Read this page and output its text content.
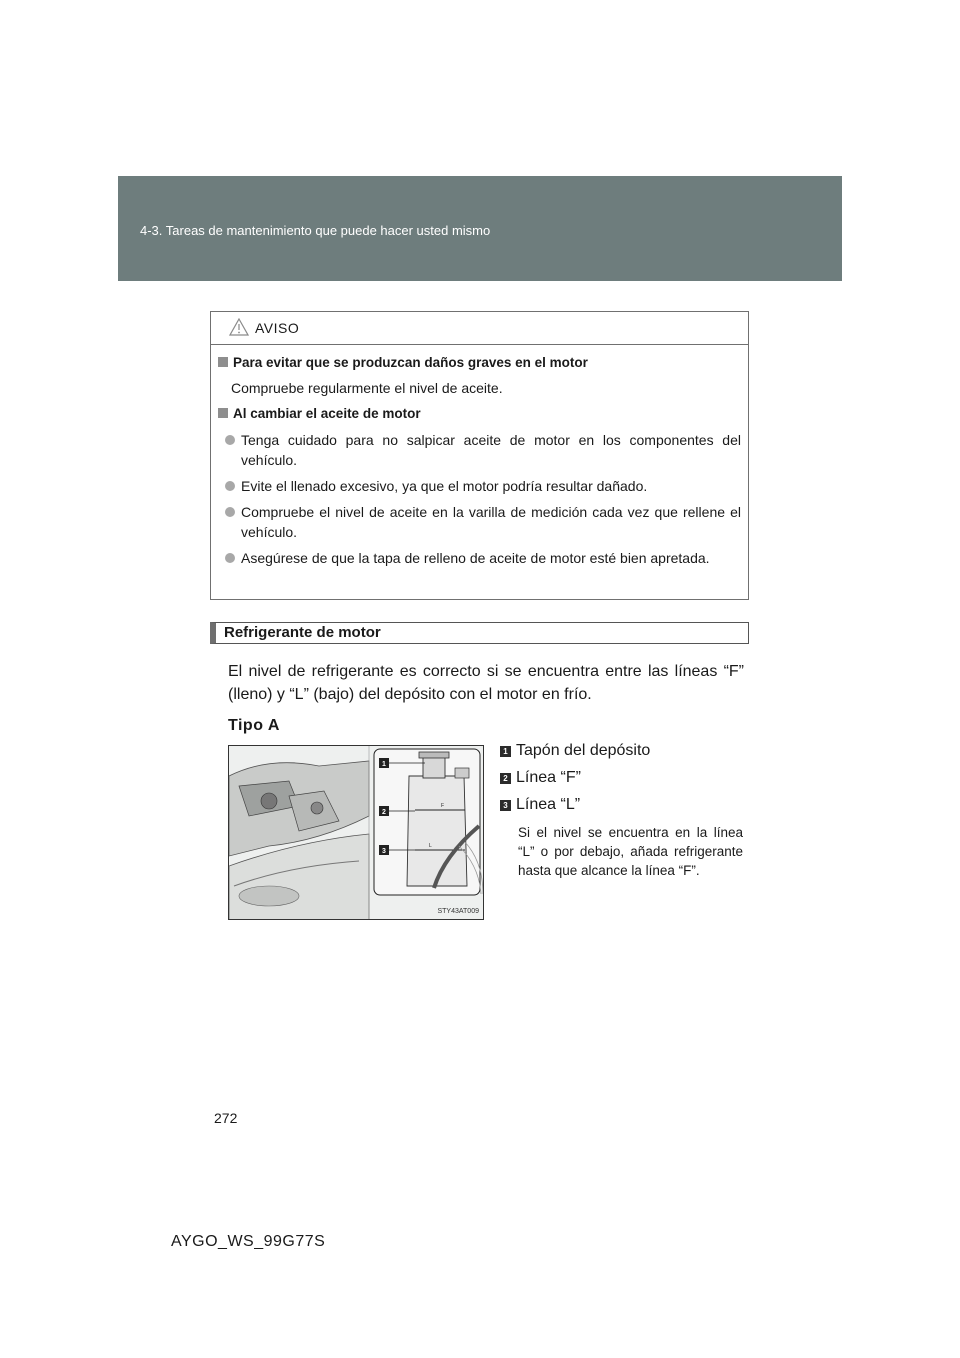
4-3. Tareas de mantenimiento que puede hacer usted mismo
AVISO
Para evitar que se produzcan daños graves en el motor
Compruebe regularmente el nivel de aceite.
Al cambiar el aceite de motor
Tenga cuidado para no salpicar aceite de motor en los componentes del vehículo.
Evite el llenado excesivo, ya que el motor podría resultar dañado.
Compruebe el nivel de aceite en la varilla de medición cada vez que rellene el vehículo.
Asegúrese de que la tapa de relleno de aceite de motor esté bien apretada.
Refrigerante de motor
El nivel de refrigerante es correcto si se encuentra entre las líneas “F” (lleno) y “L” (bajo) del depósito con el motor en frío.
Tipo A
F
L
1
2
3
STY43AT009
1 Tapón del depósito
2 Línea “F”
3 Línea “L”
Si el nivel se encuentra en la línea “L” o por debajo, añada refrigerante hasta que alcance la línea “F”.
272
AYGO_WS_99G77S
